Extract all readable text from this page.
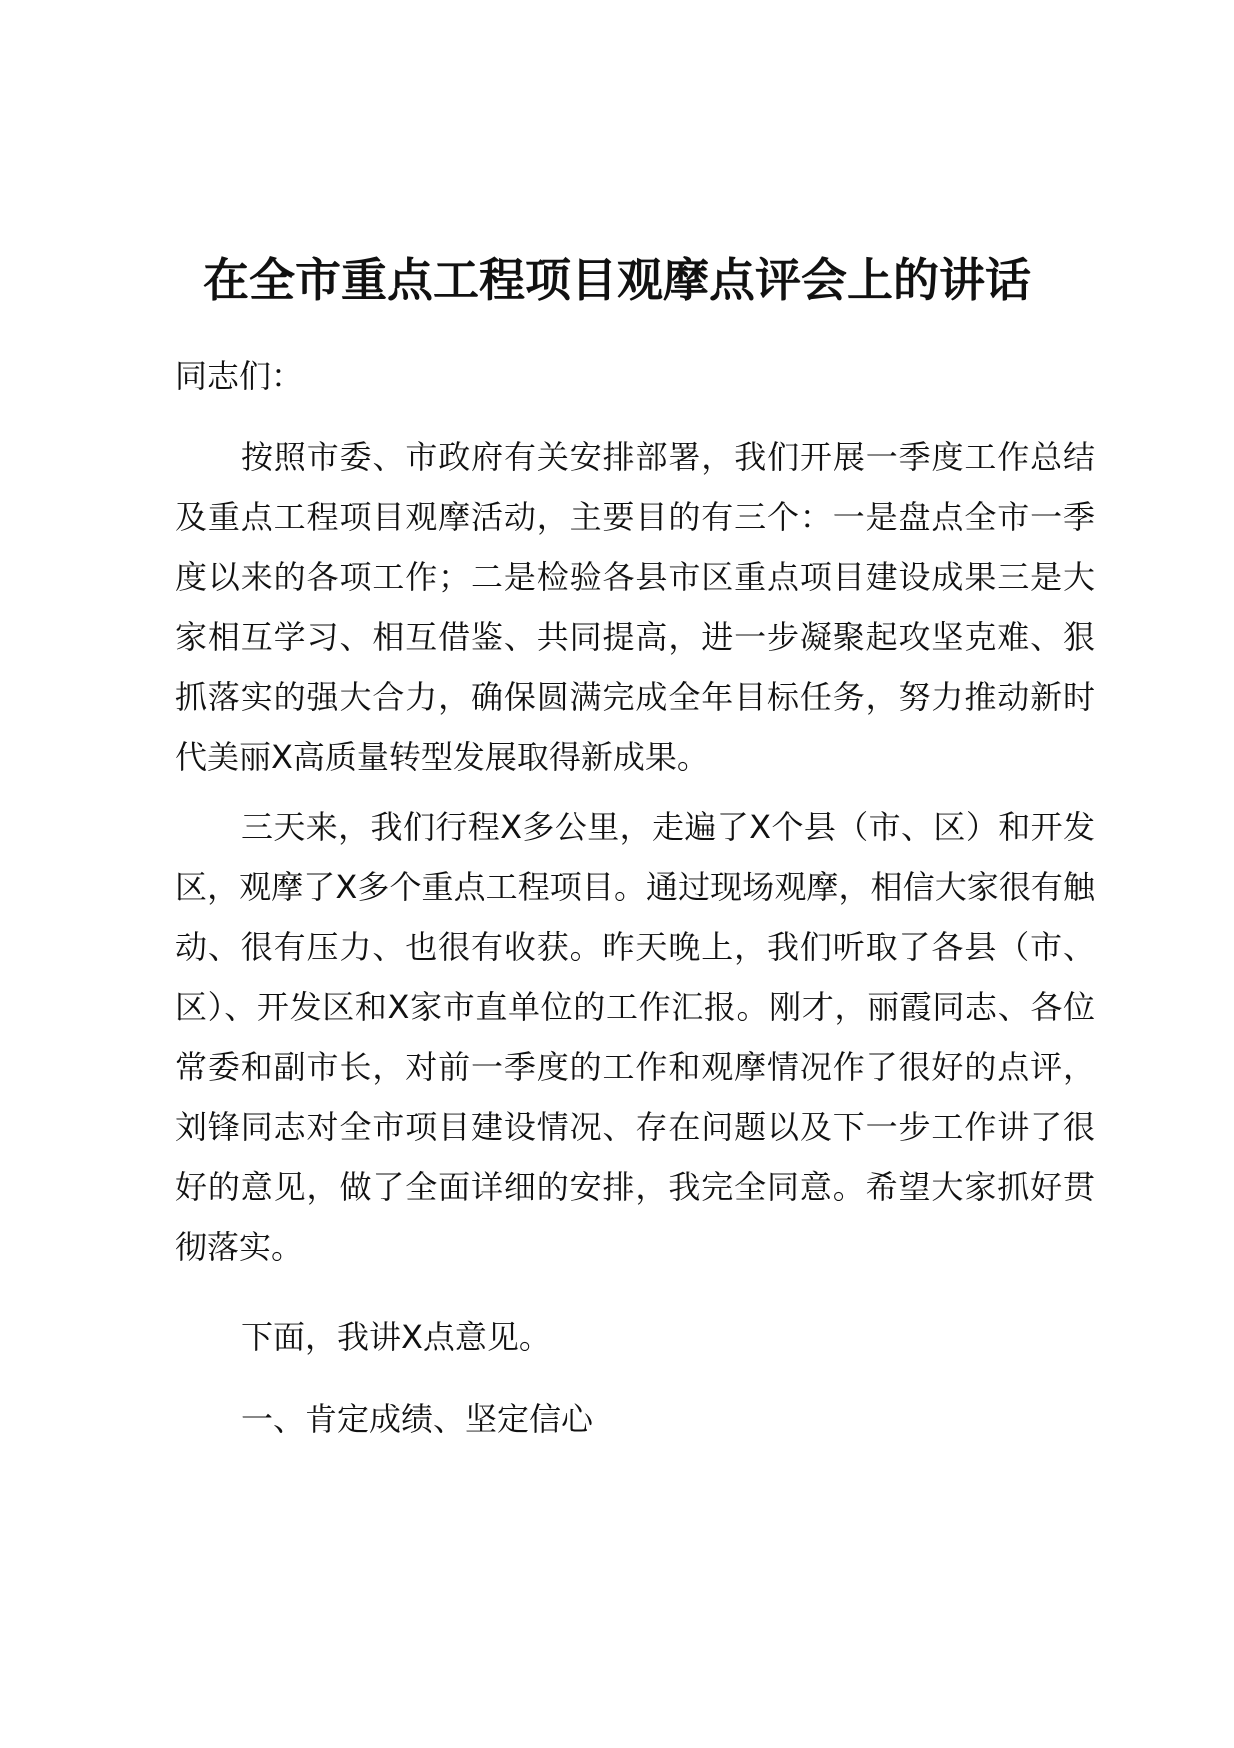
在全市重点工程项目观摩点评会上的讲话

同志们：

按照市委、市政府有关安排部署，我们开展一季度工作总结及重点工程项目观摩活动，主要目的有三个：一是盘点全市一季度以来的各项工作；二是检验各县市区重点项目建设成果三是大家相互学习、相互借鉴、共同提高，进一步凝聚起攻坚克难、狠抓落实的强大合力，确保圆满完成全年目标任务，努力推动新时代美丽X高质量转型发展取得新成果。

三天来，我们行程X多公里，走遍了X个县（市、区）和开发区，观摩了X多个重点工程项目。通过现场观摩，相信大家很有触动、很有压力、也很有收获。昨天晚上，我们听取了各县（市、区）、开发区和X家市直单位的工作汇报。刚才，丽霞同志、各位常委和副市长，对前一季度的工作和观摩情况作了很好的点评，刘锋同志对全市项目建设情况、存在问题以及下一步工作讲了很好的意见，做了全面详细的安排，我完全同意。希望大家抓好贯彻落实。

下面，我讲X点意见。

一、肯定成绩、坚定信心
